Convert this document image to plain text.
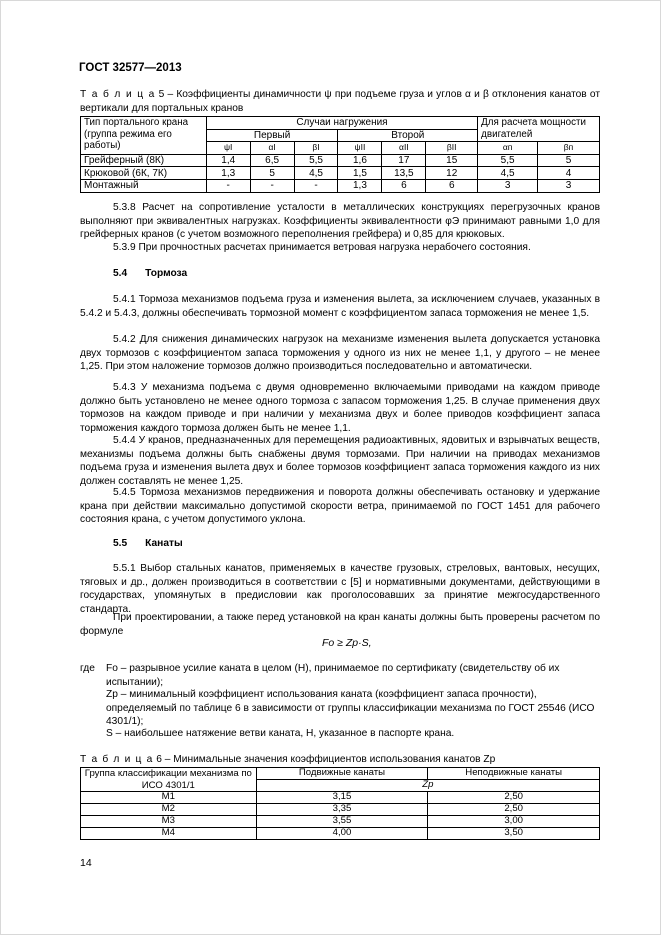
ГОСТ 32577—2013
Т а б л и ц а 5 – Коэффициенты динамичности ψ при подъеме груза и углов α и β отклонения канатов от вертикали для портальных кранов
Тип портального крана (группа режима его работы)	Случаи нагружения						Для расчета мощности двигателей	
	Первый			Второй				
	ψI	αI	βI	ψII	αII	βII	αп	βп
Грейферный (8К)	1,4	6,5	5,5	1,6	17	15	5,5	5
Крюковой (6К, 7К)	1,3	5	4,5	1,5	13,5	12	4,5	4
Монтажный	-	-	-	1,3	6	6	3	3
5.3.8 Расчет на сопротивление усталости в металлических конструкциях перегрузочных кранов выполняют при эквивалентных нагрузках. Коэффициенты эквивалентности φЭ принимают равными 1,0 для грейферных кранов (с учетом возможного переполнения грейфера) и 0,85 для крюковых.
5.3.9 При прочностных расчетах принимается ветровая нагрузка нерабочего состояния.
5.4 Тормоза
5.4.1 Тормоза механизмов подъема груза и изменения вылета, за исключением случаев, указанных в 5.4.2 и 5.4.3, должны обеспечивать тормозной момент с коэффициентом запаса торможения не менее 1,5.
5.4.2 Для снижения динамических нагрузок на механизме изменения вылета допускается установка двух тормозов с коэффициентом запаса торможения у одного из них не менее 1,1, у другого – не менее 1,25. При этом наложение тормозов должно производиться последовательно и автоматически.
5.4.3 У механизма подъема с двумя одновременно включаемыми приводами на каждом приводе должно быть установлено не менее одного тормоза с запасом торможения 1,25. В случае применения двух тормозов на каждом приводе и при наличии у механизма двух и более приводов коэффициент запаса торможения каждого тормоза должен быть не менее 1,1.
5.4.4 У кранов, предназначенных для перемещения радиоактивных, ядовитых и взрывчатых веществ, механизмы подъема должны быть снабжены двумя тормозами. При наличии на приводах механизмов подъема груза и изменения вылета двух и более тормозов коэффициент запаса торможения каждого из них должен составлять не менее 1,25.
5.4.5 Тормоза механизмов передвижения и поворота должны обеспечивать остановку и удержание крана при действии максимально допустимой скорости ветра, принимаемой по ГОСТ 1451 для рабочего состояния крана, с учетом допустимого уклона.
5.5 Канаты
5.5.1 Выбор стальных канатов, применяемых в качестве грузовых, стреловых, вантовых, несущих, тяговых и др., должен производиться в соответствии с [5] и нормативными документами, действующими в государствах, упомянутых в предисловии как проголосовавших за принятие межгосударственного стандарта.
При проектировании, а также перед установкой на кран канаты должны быть проверены расчетом по формуле
Fо ≥ Zp·S,
где	Fо – разрывное усилие каната в целом (Н), принимаемое по сертификату (свидетельству об их испытании);
Zp – минимальный коэффициент использования каната (коэффициент запаса прочности), определяемый по таблице 6 в зависимости от группы классификации механизма по ГОСТ 25546 (ИСО 4301/1);
S – наибольшее натяжение ветви каната, Н, указанное в паспорте крана.
Т а б л и ц а 6 – Минимальные значения коэффициентов использования канатов Zp
Группа классификации механизма по ИСО 4301/1	Подвижные канаты	Неподвижные канаты
	Zp	
M1	3,15	2,50
M2	3,35	2,50
M3	3,55	3,00
M4	4,00	3,50
14
